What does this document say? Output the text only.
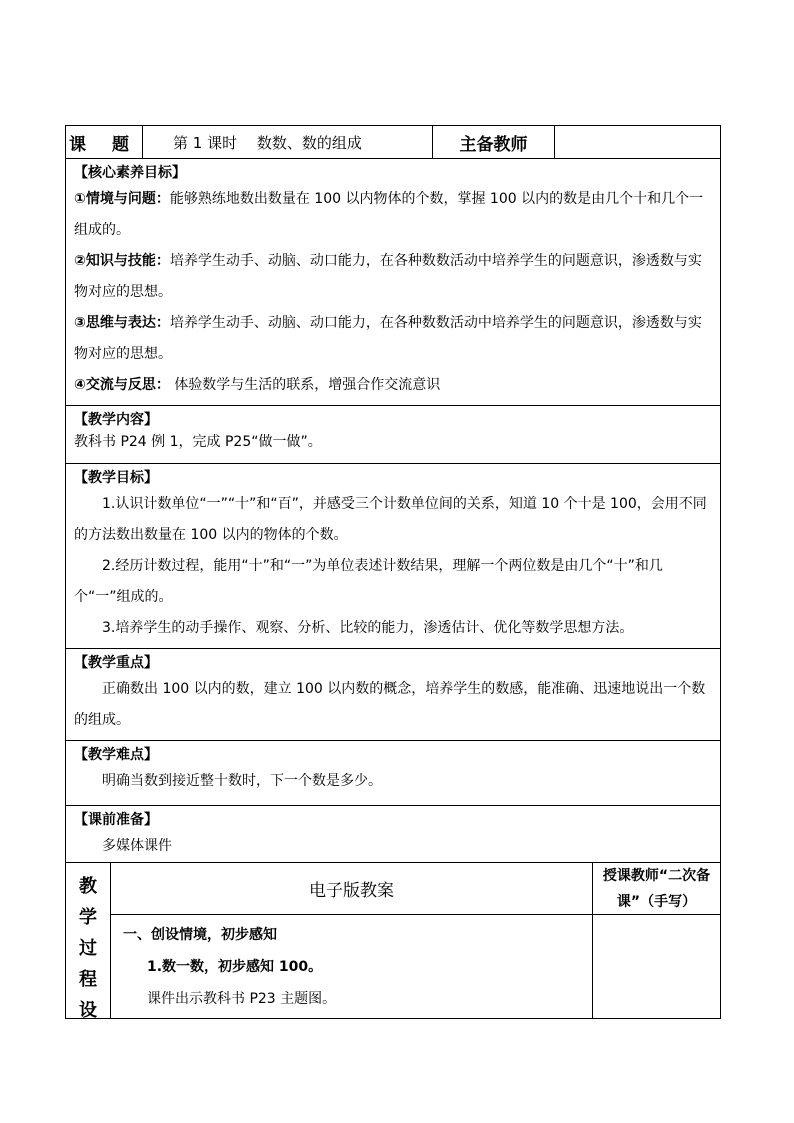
课 题	第 1 课时　 数数、数的组成	主备教师
【核心素养目标】
①情境与问题：能够熟练地数出数量在 100 以内物体的个数，掌握 100 以内的数是由几个十和几个一组成的。
②知识与技能：培养学生动手、动脑、动口能力，在各种数数活动中培养学生的问题意识，渗透数与实物对应的思想。
③思维与表达：培养学生动手、动脑、动口能力，在各种数数活动中培养学生的问题意识，渗透数与实物对应的思想。
④交流与反思： 体验数学与生活的联系，增强合作交流意识
【教学内容】
教科书 P24 例 1，完成 P25“做一做”。
【教学目标】
1.认识计数单位“一”“十”和“百”，并感受三个计数单位间的关系，知道 10 个十是 100，会用不同的方法数出数量在 100 以内的物体的个数。
2.经历计数过程，能用“十”和“一”为单位表述计数结果，理解一个两位数是由几个“十”和几个“一”组成的。
3.培养学生的动手操作、观察、分析、比较的能力，渗透估计、优化等数学思想方法。
【教学重点】
正确数出 100 以内的数，建立 100 以内数的概念，培养学生的数感，能准确、迅速地说出一个数的组成。
【教学难点】
明确当数到接近整十数时，下一个数是多少。
【课前准备】
多媒体课件
教
学
过
程
设
电子版教案
一、创设情境，初步感知
1.数一数，初步感知 100。
课件出示教科书 P23 主题图。
授课教师“二次备课”（手写）
